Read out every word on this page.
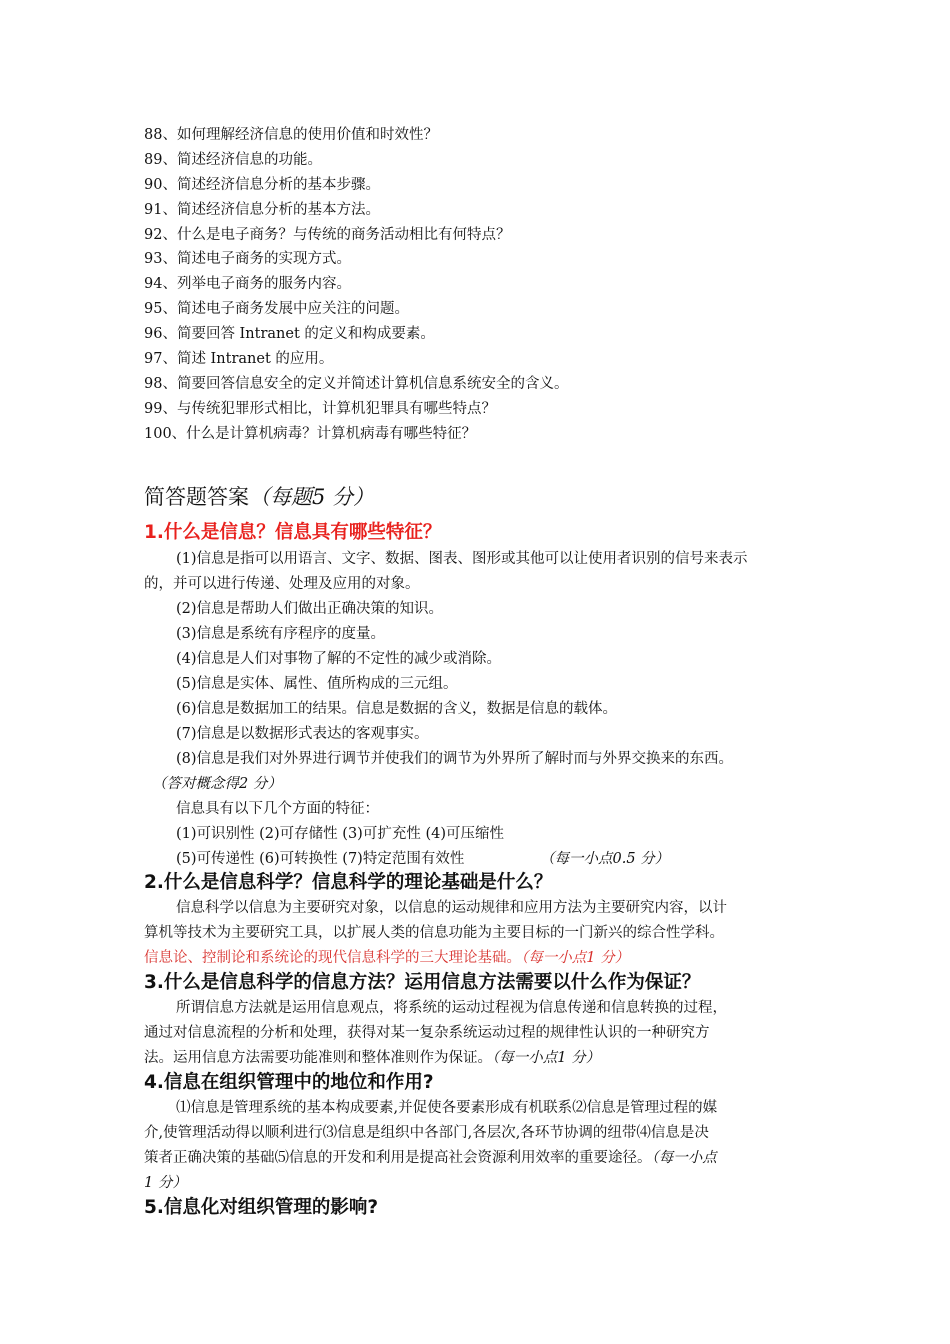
88、如何理解经济信息的使用价值和时效性？
89、简述经济信息的功能。
90、简述经济信息分析的基本步骤。
91、简述经济信息分析的基本方法。
92、什么是电子商务？与传统的商务活动相比有何特点？
93、简述电子商务的实现方式。
94、列举电子商务的服务内容。
95、简述电子商务发展中应关注的问题。
96、简要回答 Intranet 的定义和构成要素。
97、简述 Intranet 的应用。
98、简要回答信息安全的定义并简述计算机信息系统安全的含义。
99、与传统犯罪形式相比，计算机犯罪具有哪些特点？
100、什么是计算机病毒？计算机病毒有哪些特征？
简答题答案（每题5 分）
1.什么是信息？信息具有哪些特征？
(1)信息是指可以用语言、文字、数据、图表、图形或其他可以让使用者识别的信号来表示
的，并可以进行传递、处理及应用的对象。
(2)信息是帮助人们做出正确决策的知识。
(3)信息是系统有序程序的度量。
(4)信息是人们对事物了解的不定性的减少或消除。
(5)信息是实体、属性、值所构成的三元组。
(6)信息是数据加工的结果。信息是数据的含义，数据是信息的载体。
(7)信息是以数据形式表达的客观事实。
(8)信息是我们对外界进行调节并使我们的调节为外界所了解时而与外界交换来的东西。
（答对概念得2 分）
信息具有以下几个方面的特征：
(1)可识别性 (2)可存储性 (3)可扩充性 (4)可压缩性
(5)可传递性 (6)可转换性 (7)特定范围有效性	（每一小点0.5 分）
2.什么是信息科学？信息科学的理论基础是什么？
信息科学以信息为主要研究对象，以信息的运动规律和应用方法为主要研究内容，以计
算机等技术为主要研究工具，以扩展人类的信息功能为主要目标的一门新兴的综合性学科。
信息论、控制论和系统论的现代信息科学的三大理论基础。（每一小点1 分）
3.什么是信息科学的信息方法？运用信息方法需要以什么作为保证？
所谓信息方法就是运用信息观点，将系统的运动过程视为信息传递和信息转换的过程，
通过对信息流程的分析和处理，获得对某一复杂系统运动过程的规律性认识的一种研究方
法。运用信息方法需要功能准则和整体准则作为保证。（每一小点1 分）
4.信息在组织管理中的地位和作用?
⑴信息是管理系统的基本构成要素,并促使各要素形成有机联系⑵信息是管理过程的媒
介,使管理活动得以顺利进行⑶信息是组织中各部门,各层次,各环节协调的纽带⑷信息是决
策者正确决策的基础⑸信息的开发和利用是提高社会资源利用效率的重要途径。（每一小点
1 分）
5.信息化对组织管理的影响?
